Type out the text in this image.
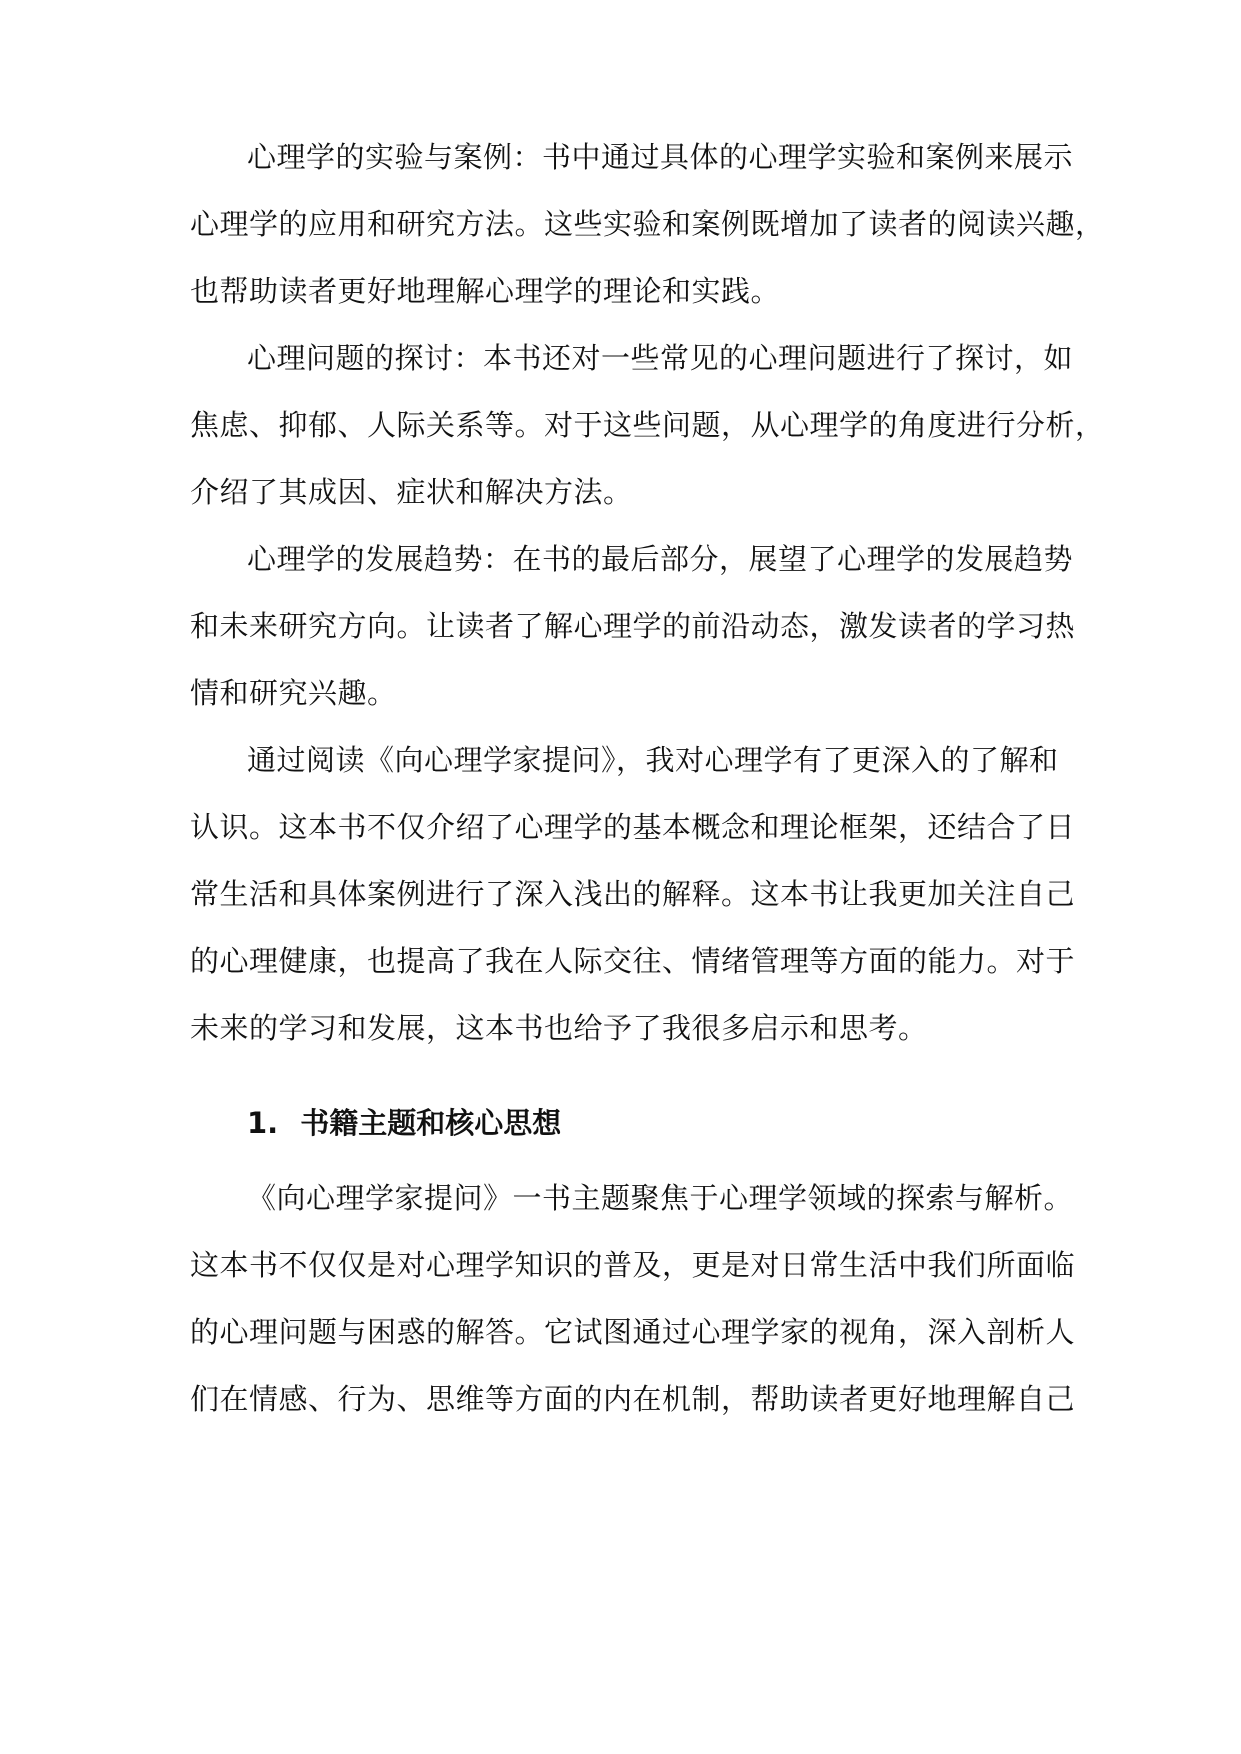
心理学的实验与案例：书中通过具体的心理学实验和案例来展示
心理学的应用和研究方法。这些实验和案例既增加了读者的阅读兴趣，
也帮助读者更好地理解心理学的理论和实践。
心理问题的探讨：本书还对一些常见的心理问题进行了探讨，如
焦虑、抑郁、人际关系等。对于这些问题，从心理学的角度进行分析，
介绍了其成因、症状和解决方法。
心理学的发展趋势：在书的最后部分，展望了心理学的发展趋势
和未来研究方向。让读者了解心理学的前沿动态，激发读者的学习热
情和研究兴趣。
通过阅读《向心理学家提问》，我对心理学有了更深入的了解和
认识。这本书不仅介绍了心理学的基本概念和理论框架，还结合了日
常生活和具体案例进行了深入浅出的解释。这本书让我更加关注自己
的心理健康，也提高了我在人际交往、情绪管理等方面的能力。对于
未来的学习和发展，这本书也给予了我很多启示和思考。
1. 书籍主题和核心思想
《向心理学家提问》一书主题聚焦于心理学领域的探索与解析。
这本书不仅仅是对心理学知识的普及，更是对日常生活中我们所面临
的心理问题与困惑的解答。它试图通过心理学家的视角，深入剖析人
们在情感、行为、思维等方面的内在机制，帮助读者更好地理解自己
